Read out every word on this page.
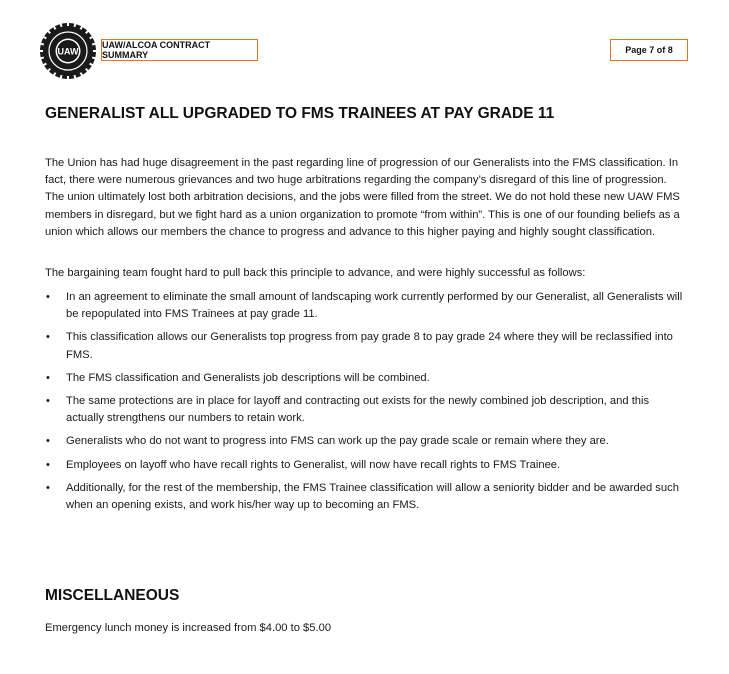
UAW
UAW/ALCOA CONTRACT SUMMARY	Page 7 of 8
GENERALIST ALL UPGRADED TO FMS TRAINEES AT PAY GRADE 11

The Union has had huge disagreement in the past regarding line of progression of our Generalists into the FMS classification. In fact, there were numerous grievances and two huge arbitrations regarding the company’s disregard of this line of progression. The union ultimately lost both arbitration decisions, and the jobs were filled from the street. We do not hold these new UAW FMS members in disregard, but we fight hard as a union organization to promote “from within”. This is one of our founding beliefs as a union which allows our members the chance to progress and advance to this higher paying and highly sought classification.

The bargaining team fought hard to pull back this principle to advance, and were highly successful as follows:

• In an agreement to eliminate the small amount of landscaping work currently performed by our Generalist, all Generalists will be repopulated into FMS Trainees at pay grade 11.
• This classification allows our Generalists top progress from pay grade 8 to pay grade 24 where they will be reclassified into FMS.
• The FMS classification and Generalists job descriptions will be combined.
• The same protections are in place for layoff and contracting out exists for the newly combined job description, and this actually strengthens our numbers to retain work.
• Generalists who do not want to progress into FMS can work up the pay grade scale or remain where they are.
• Employees on layoff who have recall rights to Generalist, will now have recall rights to FMS Trainee.
• Additionally, for the rest of the membership, the FMS Trainee classification will allow a seniority bidder and be awarded such when an opening exists, and work his/her way up to becoming an FMS.
MISCELLANEOUS

Emergency lunch money is increased from $4.00 to $5.00
